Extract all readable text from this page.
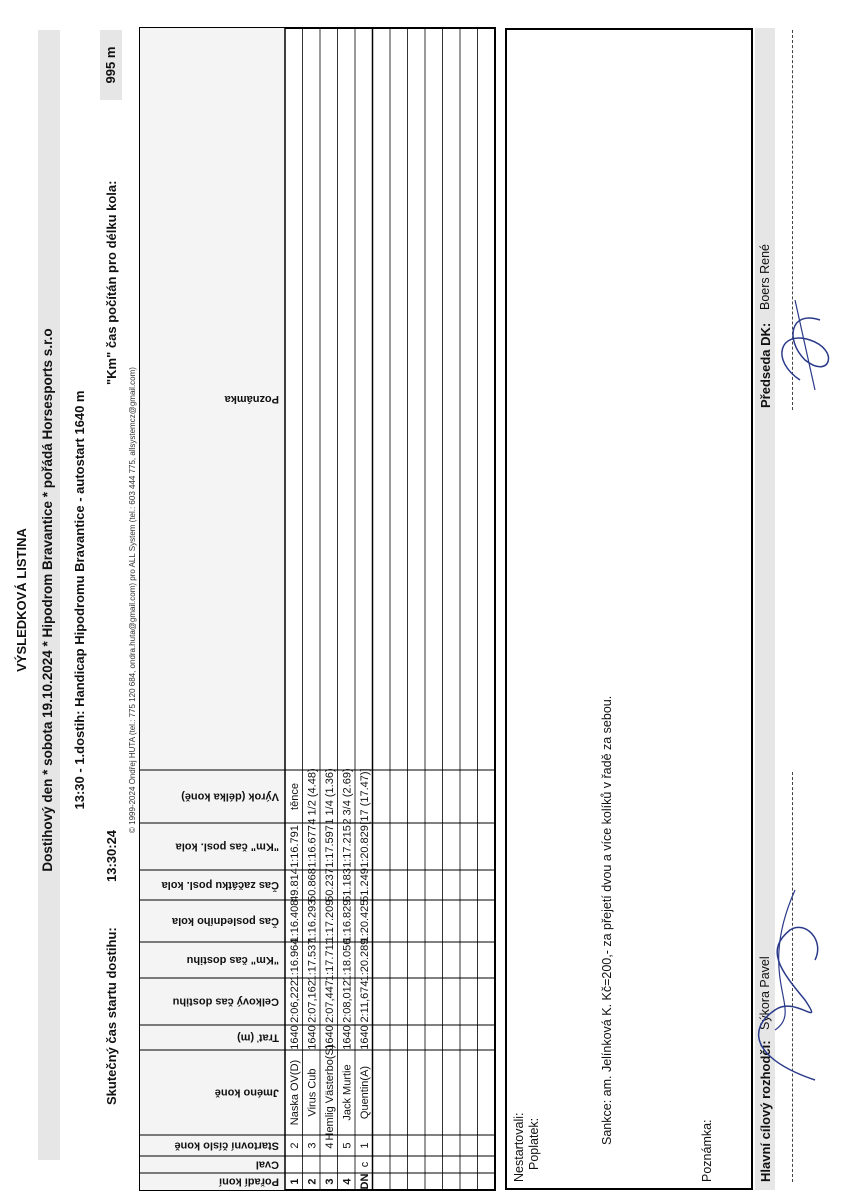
VÝSLEDKOVÁ LISTINA Dostihový den * sobota 19.10.2024 * Hipodrom Bravantice * pořádá Horsesports s.r.o 13:30 - 1.dostih: Handicap Hipodromu Bravantice - autostart 1640 m
Skutečný čas startu dostihu:
13:30:24
"Km" čas počítán pro délku kola:
995 m
© 1999-2024 Ondřej HUTA (tel.: 775 120 684, ondra.huta@gmail.com) pro ALL System (tel.: 603 444 775, allsystemcz@gmail.com)
Pořadí koní
Cval
Startovní číslo koně
Jméno koně
Trať (m)
Celkový čas dostihu
"Km" čas dostihu
Čas posledního kola
Čas začátku posl. kola
"Km" čas posl. kola
Výrok (délka koně)
Poznámka
1
2
Naska OV(D)
1640
2:06,222
1:16.964
1:16.408
49.814
1:16.791
těnce
2
3
Virus Cub
1640
2:07,162
1:17.537
1:16.293
50.868
1:16.677
4 1/2 (4.48)
3
4
Hemlig Västerbo(S)
1640
2:07,447
1:17.711
1:17.209
50.237
1:17.597
1 1/4 (1.36)
4
5
Jack Murtie
1640
2:08,012
1:18.056
1:16.829
51.183
1:17.215
2 3/4 (2.69)
DN
c
1
Quentin(A)
1640
2:11,674
1:20.289
1:20.425
51.249
1:20.829
[17 (17.47)]
Nestartovali: Poplatek:	Sankce: am. Jelínková K. Kč=200,- za přejetí dvou a více kolíků v řadě za sebou.
Poznámka:	Hlavní cílový rozhodčí:
Sýkora Pavel
Předseda DK:
Boers René
